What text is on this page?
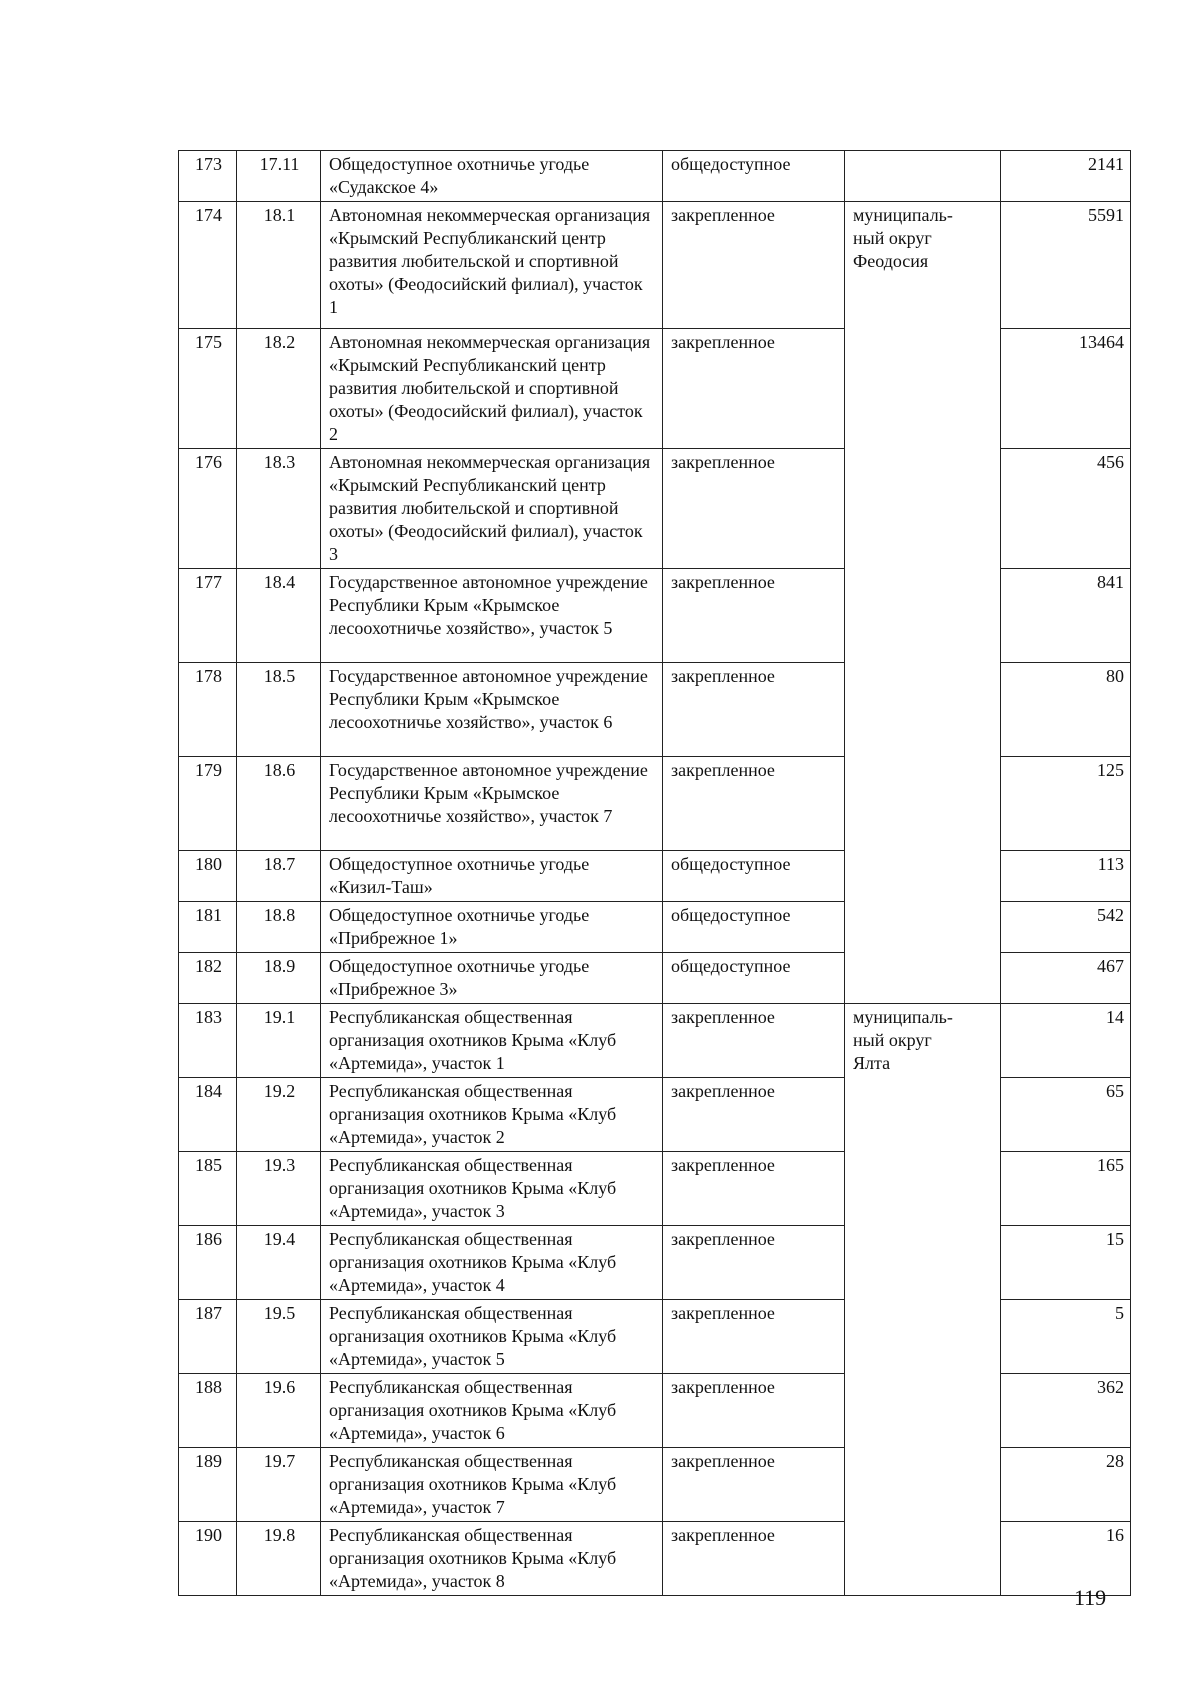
173	17.11	Общедоступное охотничье угодье «Судакское 4»	общедоступное		2141
174	18.1	Автономная некоммерческая организация «Крымский Республиканский центр развития любительской и спортивной охоты» (Феодосийский филиал), участок 1	закрепленное	муниципаль-
ный округ
Феодосия	5591
175	18.2	Автономная некоммерческая организация «Крымский Республиканский центр развития любительской и спортивной охоты» (Феодосийский филиал), участок 2	закрепленное		13464
176	18.3	Автономная некоммерческая организация «Крымский Республиканский центр развития любительской и спортивной охоты» (Феодосийский филиал), участок 3	закрепленное		456
177	18.4	Государственное автономное учреждение Республики Крым «Крымское лесоохотничье хозяйство», участок 5	закрепленное		841
178	18.5	Государственное автономное учреждение Республики Крым «Крымское лесоохотничье хозяйство», участок 6	закрепленное		80
179	18.6	Государственное автономное учреждение Республики Крым «Крымское лесоохотничье хозяйство», участок 7	закрепленное		125
180	18.7	Общедоступное охотничье угодье «Кизил-Таш»	общедоступное		113
181	18.8	Общедоступное охотничье угодье «Прибрежное 1»	общедоступное		542
182	18.9	Общедоступное охотничье угодье «Прибрежное 3»	общедоступное		467
183	19.1	Республиканская общественная организация охотников Крыма «Клуб «Артемида», участок 1	закрепленное	муниципаль-
ный округ
Ялта	14
184	19.2	Республиканская общественная организация охотников Крыма «Клуб «Артемида», участок 2	закрепленное		65
185	19.3	Республиканская общественная организация охотников Крыма «Клуб «Артемида», участок 3	закрепленное		165
186	19.4	Республиканская общественная организация охотников Крыма «Клуб «Артемида», участок 4	закрепленное		15
187	19.5	Республиканская общественная организация охотников Крыма «Клуб «Артемида», участок 5	закрепленное		5
188	19.6	Республиканская общественная организация охотников Крыма «Клуб «Артемида», участок 6	закрепленное		362
189	19.7	Республиканская общественная организация охотников Крыма «Клуб «Артемида», участок 7	закрепленное		28
190	19.8	Республиканская общественная организация охотников Крыма «Клуб «Артемида», участок 8	закрепленное		16
119
